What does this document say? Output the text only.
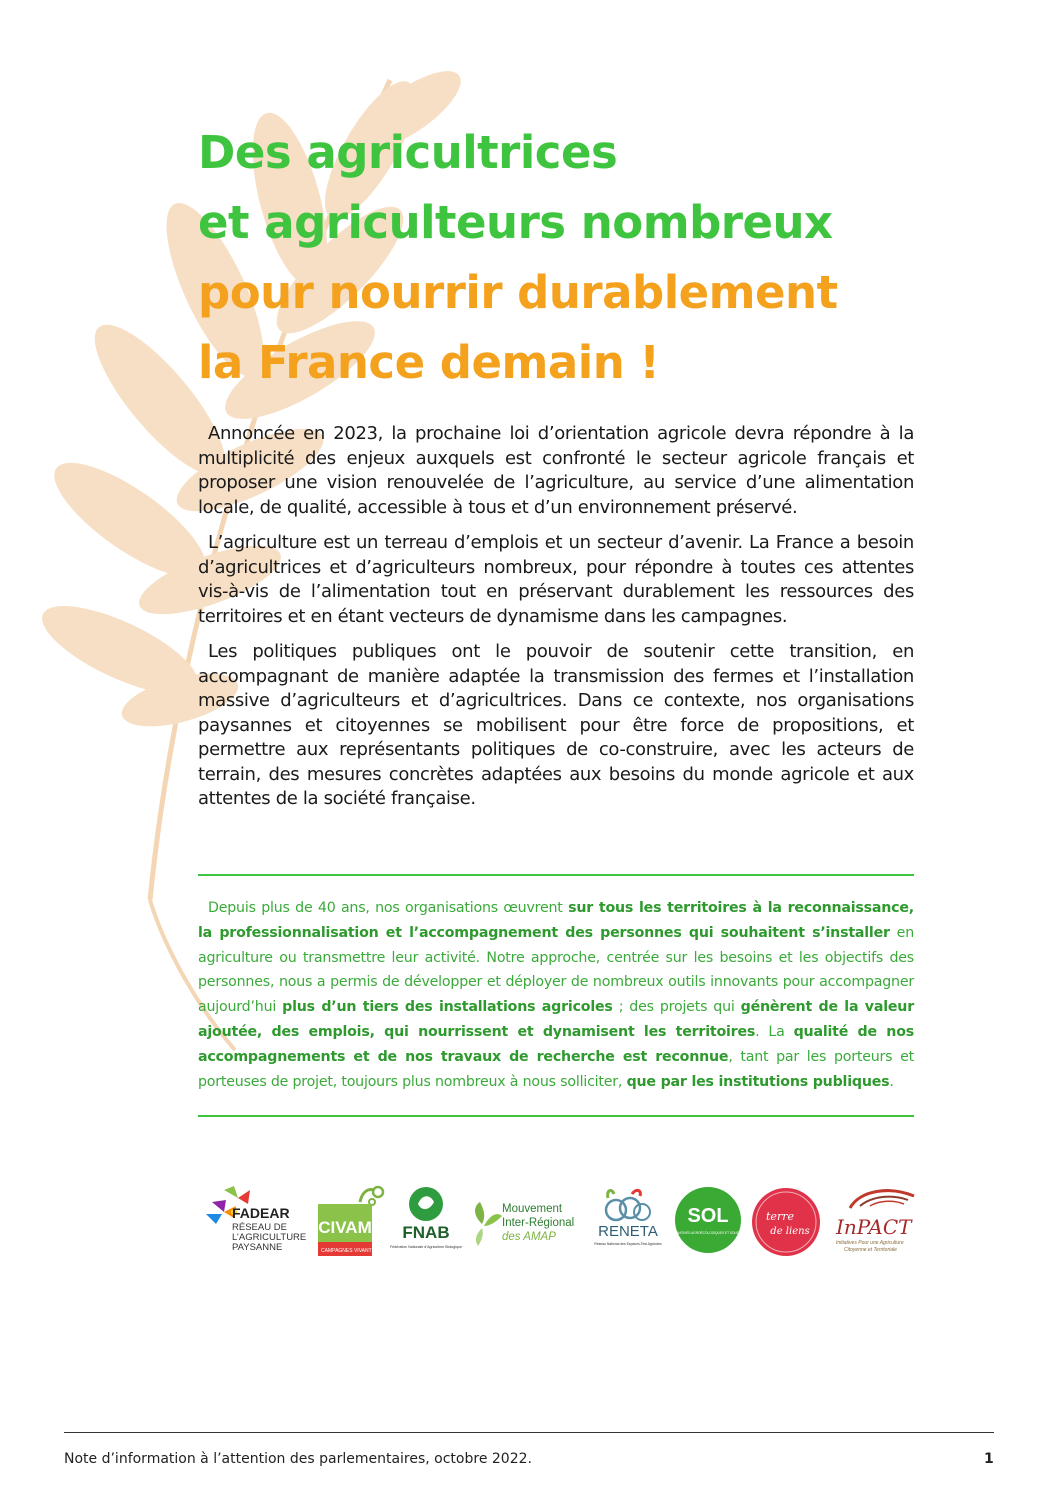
Des agricultrices
et agriculteurs nombreux
pour nourrir durablement
la France demain !

Annoncée en 2023, la prochaine loi d’orientation agricole devra répondre à la multiplicité des enjeux auxquels est confronté le secteur agricole français et proposer une vision renouvelée de l’agriculture, au service d’une alimentation locale, de qualité, accessible à tous et d’un environnement préservé.

L’agriculture est un terreau d’emplois et un secteur d’avenir. La France a besoin d’agricultrices et d’agriculteurs nombreux, pour répondre à toutes ces attentes vis-à-vis de l’alimentation tout en préservant durablement les ressources des territoires et en étant vecteurs de dynamisme dans les campagnes.

Les politiques publiques ont le pouvoir de soutenir cette transition, en accompagnant de manière adaptée la transmission des fermes et l’installation massive d’agriculteurs et d’agricultrices. Dans ce contexte, nos organisations paysannes et citoyennes se mobilisent pour être force de propositions, et permettre aux représentants politiques de co-construire, avec les acteurs de terrain, des mesures concrètes adaptées aux besoins du monde agricole et aux attentes de la société française.

Depuis plus de 40 ans, nos organisations œuvrent sur tous les territoires à la reconnaissance, la professionnalisation et l’accompagnement des personnes qui souhaitent s’installer en agriculture ou transmettre leur activité. Notre approche, centrée sur les besoins et les objectifs des personnes, nous a permis de développer et déployer de nombreux outils innovants pour accompagner aujourd’hui plus d’un tiers des installations agricoles ; des projets qui génèrent de la valeur ajoutée, des emplois, qui nourrissent et dynamisent les territoires. La qualité de nos accompagnements et de nos travaux de recherche est reconnue, tant par les porteurs et porteuses de projet, toujours plus nombreux à nous solliciter, que par les institutions publiques.

FADEAR
RÉSEAU DE
L’AGRICULTURE
PAYSANNE
CIVAM
CAMPAGNES VIVANTES
FNAB
Fédération Nationale d’Agriculture Biologique
Mouvement
Inter-Régional
des AMAP	RENETA
Réseau National des Espaces-Test Agricoles
SOL
ALTERNATIVES AGROÉCOLOGIQUES ET SOLIDAIRES
terre
de liens InPACT
Initiatives Pour une Agriculture
Citoyenne et Territoriale
Note d’information à l’attention des parlementaires, octobre 2022.	1
